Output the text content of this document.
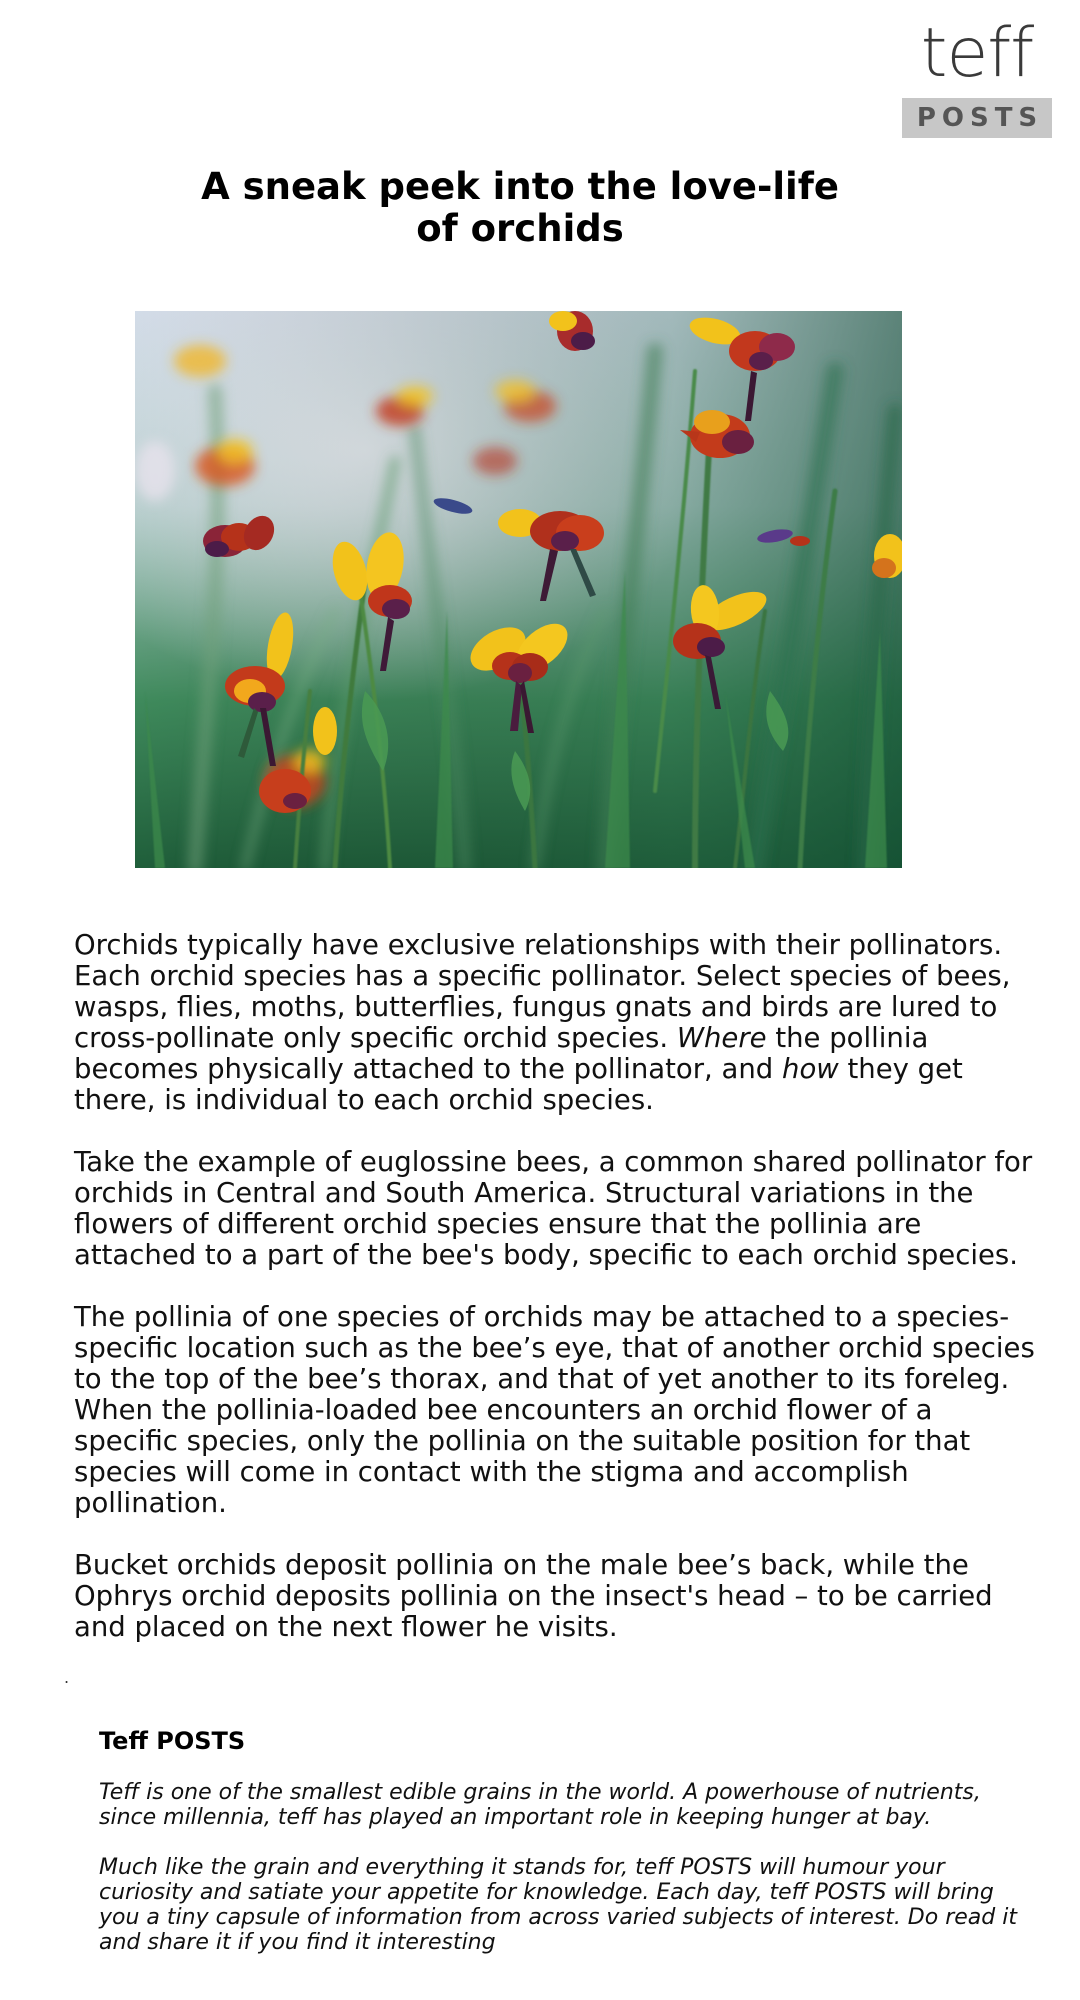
teff
POSTS
A sneak peek into the love-life
of orchids

Orchids typically have exclusive relationships with their pollinators. Each orchid species has a specific pollinator. Select species of bees, wasps, flies, moths, butterflies, fungus gnats and birds are lured to cross-pollinate only specific orchid species. Where the pollinia becomes physically attached to the pollinator, and how they get there, is individual to each orchid species.

Take the example of euglossine bees, a common shared pollinator for orchids in Central and South America. Structural variations in the flowers of different orchid species ensure that the pollinia are attached to a part of the bee's body, specific to each orchid species.

The pollinia of one species of orchids may be attached to a species-specific location such as the bee’s eye, that of another orchid species to the top of the bee’s thorax, and that of yet another to its foreleg. When the pollinia-loaded bee encounters an orchid flower of a specific species, only the pollinia on the suitable position for that species will come in contact with the stigma and accomplish pollination.

Bucket orchids deposit pollinia on the male bee’s back, while the Ophrys orchid deposits pollinia on the insect's head – to be carried and placed on the next flower he visits.

.
Teff POSTS

Teff is one of the smallest edible grains in the world. A powerhouse of nutrients, since millennia, teff has played an important role in keeping hunger at bay.

Much like the grain and everything it stands for, teff POSTS will humour your curiosity and satiate your appetite for knowledge. Each day, teff POSTS will bring you a tiny capsule of information from across varied subjects of interest. Do read it and share it if you find it interesting
